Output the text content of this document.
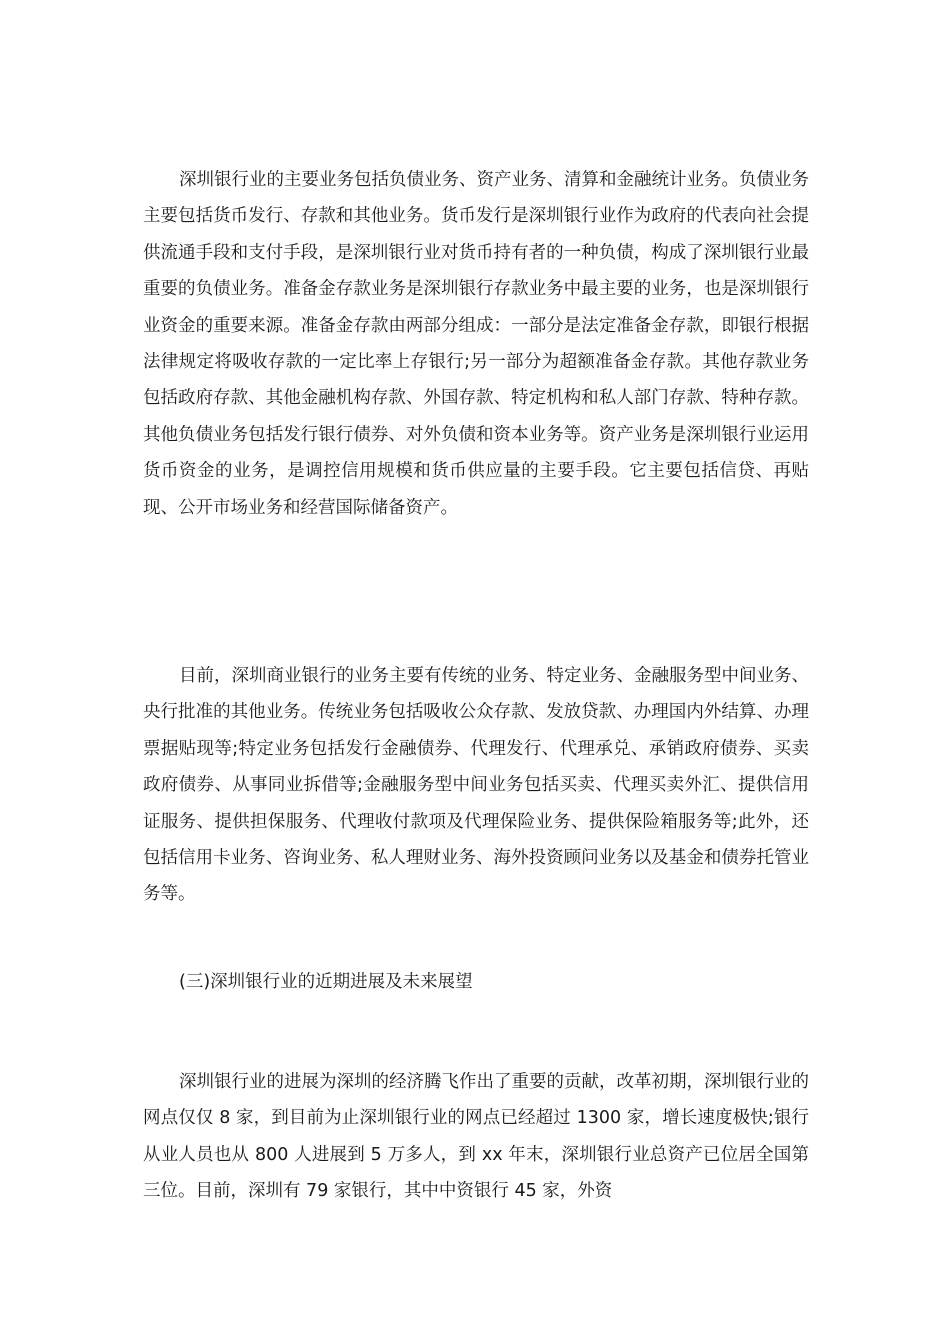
深圳银行业的主要业务包括负债业务、资产业务、清算和金融统计业务。负债业务主要包括货币发行、存款和其他业务。货币发行是深圳银行业作为政府的代表向社会提供流通手段和支付手段，是深圳银行业对货币持有者的一种负债，构成了深圳银行业最重要的负债业务。准备金存款业务是深圳银行存款业务中最主要的业务，也是深圳银行业资金的重要来源。准备金存款由两部分组成：一部分是法定准备金存款，即银行根据法律规定将吸收存款的一定比率上存银行;另一部分为超额准备金存款。其他存款业务包括政府存款、其他金融机构存款、外国存款、特定机构和私人部门存款、特种存款。其他负债业务包括发行银行债券、对外负债和资本业务等。资产业务是深圳银行业运用货币资金的业务，是调控信用规模和货币供应量的主要手段。它主要包括信贷、再贴现、公开市场业务和经营国际储备资产。

目前，深圳商业银行的业务主要有传统的业务、特定业务、金融服务型中间业务、央行批准的其他业务。传统业务包括吸收公众存款、发放贷款、办理国内外结算、办理票据贴现等;特定业务包括发行金融债券、代理发行、代理承兑、承销政府债券、买卖政府债券、从事同业拆借等;金融服务型中间业务包括买卖、代理买卖外汇、提供信用证服务、提供担保服务、代理收付款项及代理保险业务、提供保险箱服务等;此外，还包括信用卡业务、咨询业务、私人理财业务、海外投资顾问业务以及基金和债券托管业务等。

(三)深圳银行业的近期进展及未来展望

深圳银行业的进展为深圳的经济腾飞作出了重要的贡献，改革初期，深圳银行业的网点仅仅 8 家，到目前为止深圳银行业的网点已经超过 1300 家，增长速度极快;银行从业人员也从 800 人进展到 5 万多人，到 xx 年末，深圳银行业总资产已位居全国第三位。目前，深圳有 79 家银行，其中中资银行 45 家，外资
